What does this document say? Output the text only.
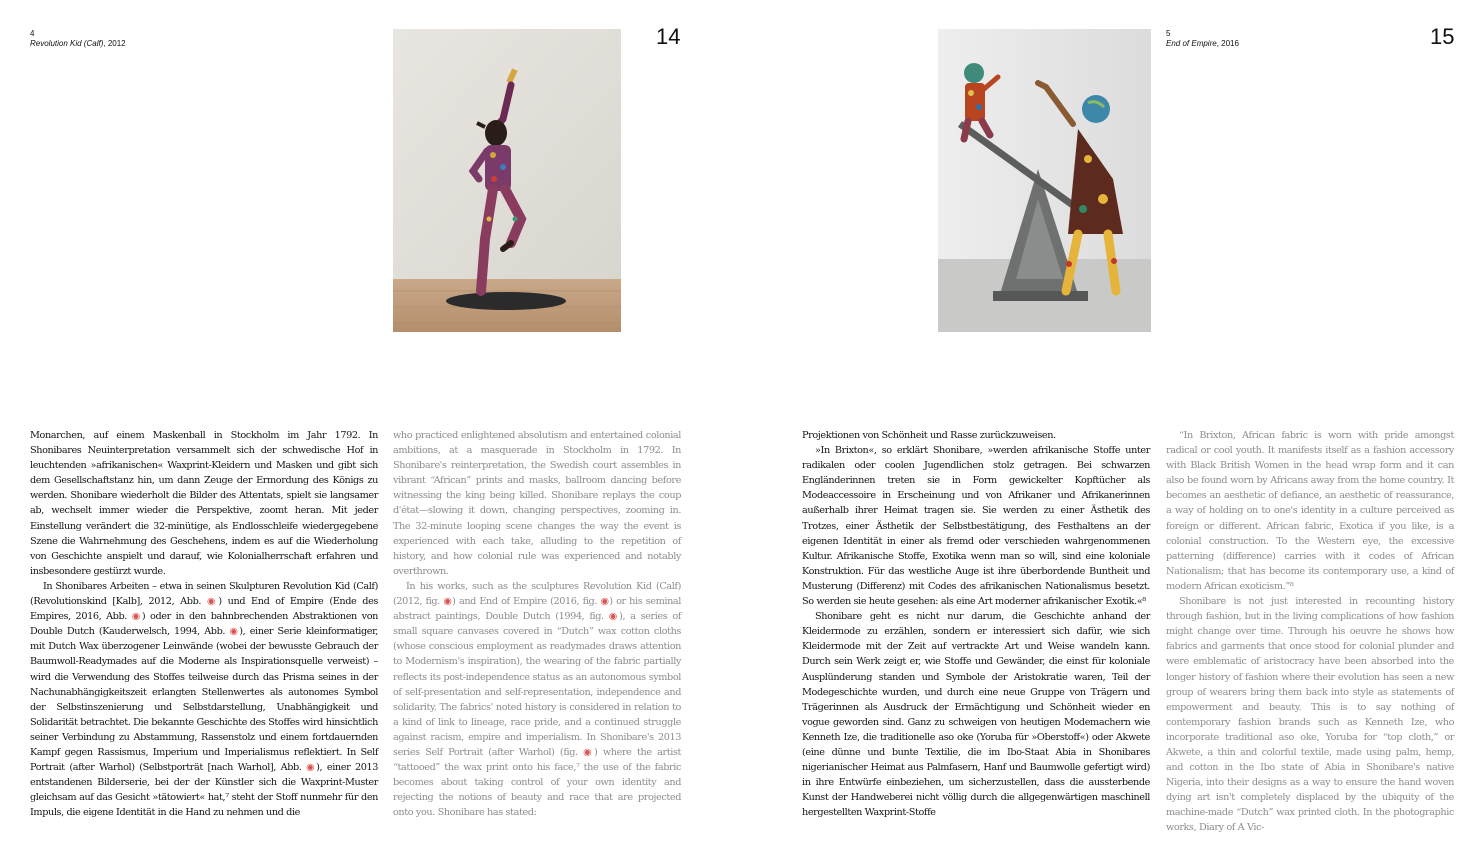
4
Revolution Kid (Calf), 2012	14

Monarchen, auf einem Maskenball in Stockholm im Jahr 1792. In Shonibares Neuinterpretation versammelt sich der schwedische Hof in leuchtenden »afrikanischen« Waxprint-Kleidern und Masken und gibt sich dem Gesellschaftstanz hin, um dann Zeuge der Ermordung des Königs zu werden. Shonibare wiederholt die Bilder des Attentats, spielt sie langsamer ab, wechselt immer wieder die Perspektive, zoomt heran. Mit jeder Einstellung verändert die 32-minütige, als Endlosschleife wiedergegebene Szene die Wahrnehmung des Geschehens, indem es auf die Wiederholung von Geschichte anspielt und darauf, wie Kolonialherrschaft erfahren und insbesondere gestürzt wurde.

In Shonibares Arbeiten – etwa in seinen Skulpturen Revolution Kid (Calf) (Revolutionskind [Kalb], 2012, Abb. ◉) und End of Empire (Ende des Empires, 2016, Abb. ◉) oder in den bahnbrechenden Abstraktionen von Double Dutch (Kauderwelsch, 1994, Abb. ◉), einer Serie kleinformatiger, mit Dutch Wax überzogener Leinwände (wobei der bewusste Gebrauch der Baumwoll-Readymades auf die Moderne als Inspirationsquelle verweist) – wird die Verwendung des Stoffes teilweise durch das Prisma seines in der Nachunabhängigkeitszeit erlangten Stellenwertes als autonomes Symbol der Selbstinszenierung und Selbstdarstellung, Unabhängigkeit und Solidarität betrachtet. Die bekannte Geschichte des Stoffes wird hinsichtlich seiner Verbindung zu Abstammung, Rassenstolz und einem fortdauernden Kampf gegen Rassismus, Imperium und Imperialismus reflektiert. In Self Portrait (after Warhol) (Selbstporträt [nach Warhol], Abb. ◉), einer 2013 entstandenen Bilderserie, bei der der Künstler sich die Waxprint-Muster gleichsam auf das Gesicht »tätowiert« hat,⁷ steht der Stoff nunmehr für den Impuls, die eigene Identität in die Hand zu nehmen und die

who practiced enlightened absolutism and entertained colonial ambitions, at a masquerade in Stockholm in 1792. In Shonibare's reinterpretation, the Swedish court assembles in vibrant “African” prints and masks, ballroom dancing before witnessing the king being killed. Shonibare replays the coup d'état—slowing it down, changing perspectives, zooming in. The 32-minute looping scene changes the way the event is experienced with each take, alluding to the repetition of history, and how colonial rule was experienced and notably overthrown.

In his works, such as the sculptures Revolution Kid (Calf) (2012, fig. ◉) and End of Empire (2016, fig. ◉) or his seminal abstract paintings, Double Dutch (1994, fig. ◉), a series of small square canvases covered in “Dutch” wax cotton cloths (whose conscious employment as readymades draws attention to Modernism's inspiration), the wearing of the fabric partially reflects its post-independence status as an autonomous symbol of self-presentation and self-representation, independence and solidarity. The fabrics' noted history is considered in relation to a kind of link to lineage, race pride, and a continued struggle against racism, empire and imperialism. In Shonibare's 2013 series Self Portrait (after Warhol) (fig. ◉) where the artist “tattooed” the wax print onto his face,⁷ the use of the fabric becomes about taking control of your own identity and rejecting the notions of beauty and race that are projected onto you. Shonibare has stated:

5
End of Empire, 2016	15

Projektionen von Schönheit und Rasse zurückzuweisen.

»In Brixton«, so erklärt Shonibare, »werden afrikanische Stoffe unter radikalen oder coolen Jugendlichen stolz getragen. Bei schwarzen Engländerinnen treten sie in Form gewickelter Kopftücher als Modeaccessoire in Erscheinung und von Afrikaner und Afrikanerinnen außerhalb ihrer Heimat tragen sie. Sie werden zu einer Ästhetik des Trotzes, einer Ästhetik der Selbstbestätigung, des Festhaltens an der eigenen Identität in einer als fremd oder verschieden wahrgenommenen Kultur. Afrikanische Stoffe, Exotika wenn man so will, sind eine koloniale Konstruktion. Für das westliche Auge ist ihre überbordende Buntheit und Musterung (Differenz) mit Codes des afrikanischen Nationalismus besetzt. So werden sie heute gesehen: als eine Art moderner afrikanischer Exotik.«⁸

Shonibare geht es nicht nur darum, die Geschichte anhand der Kleidermode zu erzählen, sondern er interessiert sich dafür, wie sich Kleidermode mit der Zeit auf vertrackte Art und Weise wandeln kann. Durch sein Werk zeigt er, wie Stoffe und Gewänder, die einst für koloniale Ausplünderung standen und Symbole der Aristokratie waren, Teil der Modegeschichte wurden, und durch eine neue Gruppe von Trägern und Trägerinnen als Ausdruck der Ermächtigung und Schönheit wieder en vogue geworden sind. Ganz zu schweigen von heutigen Modemachern wie Kenneth Ize, die traditionelle aso oke (Yoruba für »Oberstoff«) oder Akwete (eine dünne und bunte Textilie, die im Ibo-Staat Abia in Shonibares nigerianischer Heimat aus Palmfasern, Hanf und Baumwolle gefertigt wird) in ihre Entwürfe einbeziehen, um sicherzustellen, dass die aussterbende Kunst der Handweberei nicht völlig durch die allgegenwärtigen maschinell hergestellten Waxprint-Stoffe

“In Brixton, African fabric is worn with pride amongst radical or cool youth. It manifests itself as a fashion accessory with Black British Women in the head wrap form and it can also be found worn by Africans away from the home country. It becomes an aesthetic of defiance, an aesthetic of reassurance, a way of holding on to one's identity in a culture perceived as foreign or different. African fabric, Exotica if you like, is a colonial construction. To the Western eye, the excessive patterning (difference) carries with it codes of African Nationalism; that has become its contemporary use, a kind of modern African exoticism.”⁸

Shonibare is not just interested in recounting history through fashion, but in the living complications of how fashion might change over time. Through his oeuvre he shows how fabrics and garments that once stood for colonial plunder and were emblematic of aristocracy have been absorbed into the longer history of fashion where their evolution has seen a new group of wearers bring them back into style as statements of empowerment and beauty. This is to say nothing of contemporary fashion brands such as Kenneth Ize, who incorporate traditional aso oke, Yoruba for “top cloth,” or Akwete, a thin and colorful textile, made using palm, hemp, and cotton in the Ibo state of Abia in Shonibare's native Nigeria, into their designs as a way to ensure the hand woven dying art isn't completely displaced by the ubiquity of the machine-made “Dutch” wax printed cloth. In the photographic works, Diary of A Vic-
